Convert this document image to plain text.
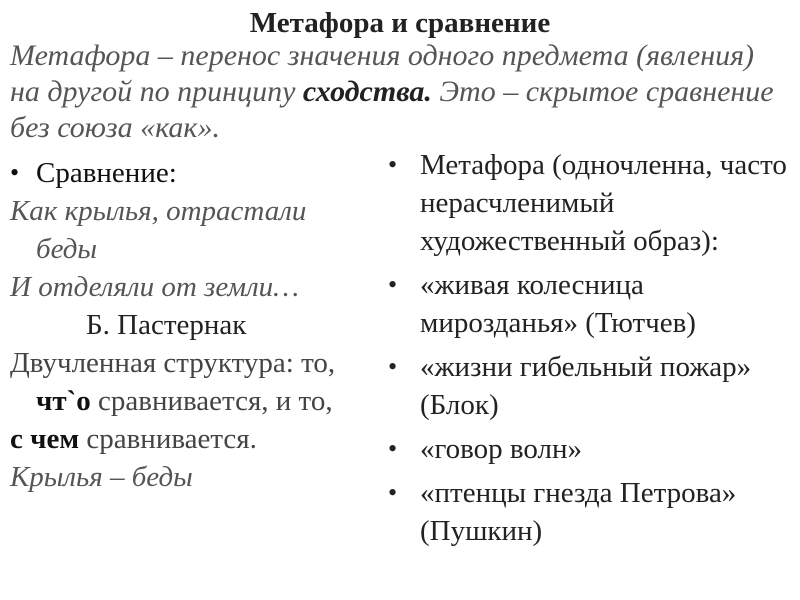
Метафора и сравнение
Метафора – перенос значения одного предмета (явления) на другой по принципу сходства. Это – скрытое сравнение без союза «как».
• Сравнение:
Как крылья, отрастали
беды
И отделяли от земли…
Б. Пастернак
Двучленная структура: то,
чт`о сравнивается, и то,
с чем сравнивается.
Крылья – беды
• Метафора (одночленна, часто нерасчленимый художественный образ):
• «живая колесница мирозданья» (Тютчев)
• «жизни гибельный пожар» (Блок)
• «говор волн»
• «птенцы гнезда Петрова» (Пушкин)
